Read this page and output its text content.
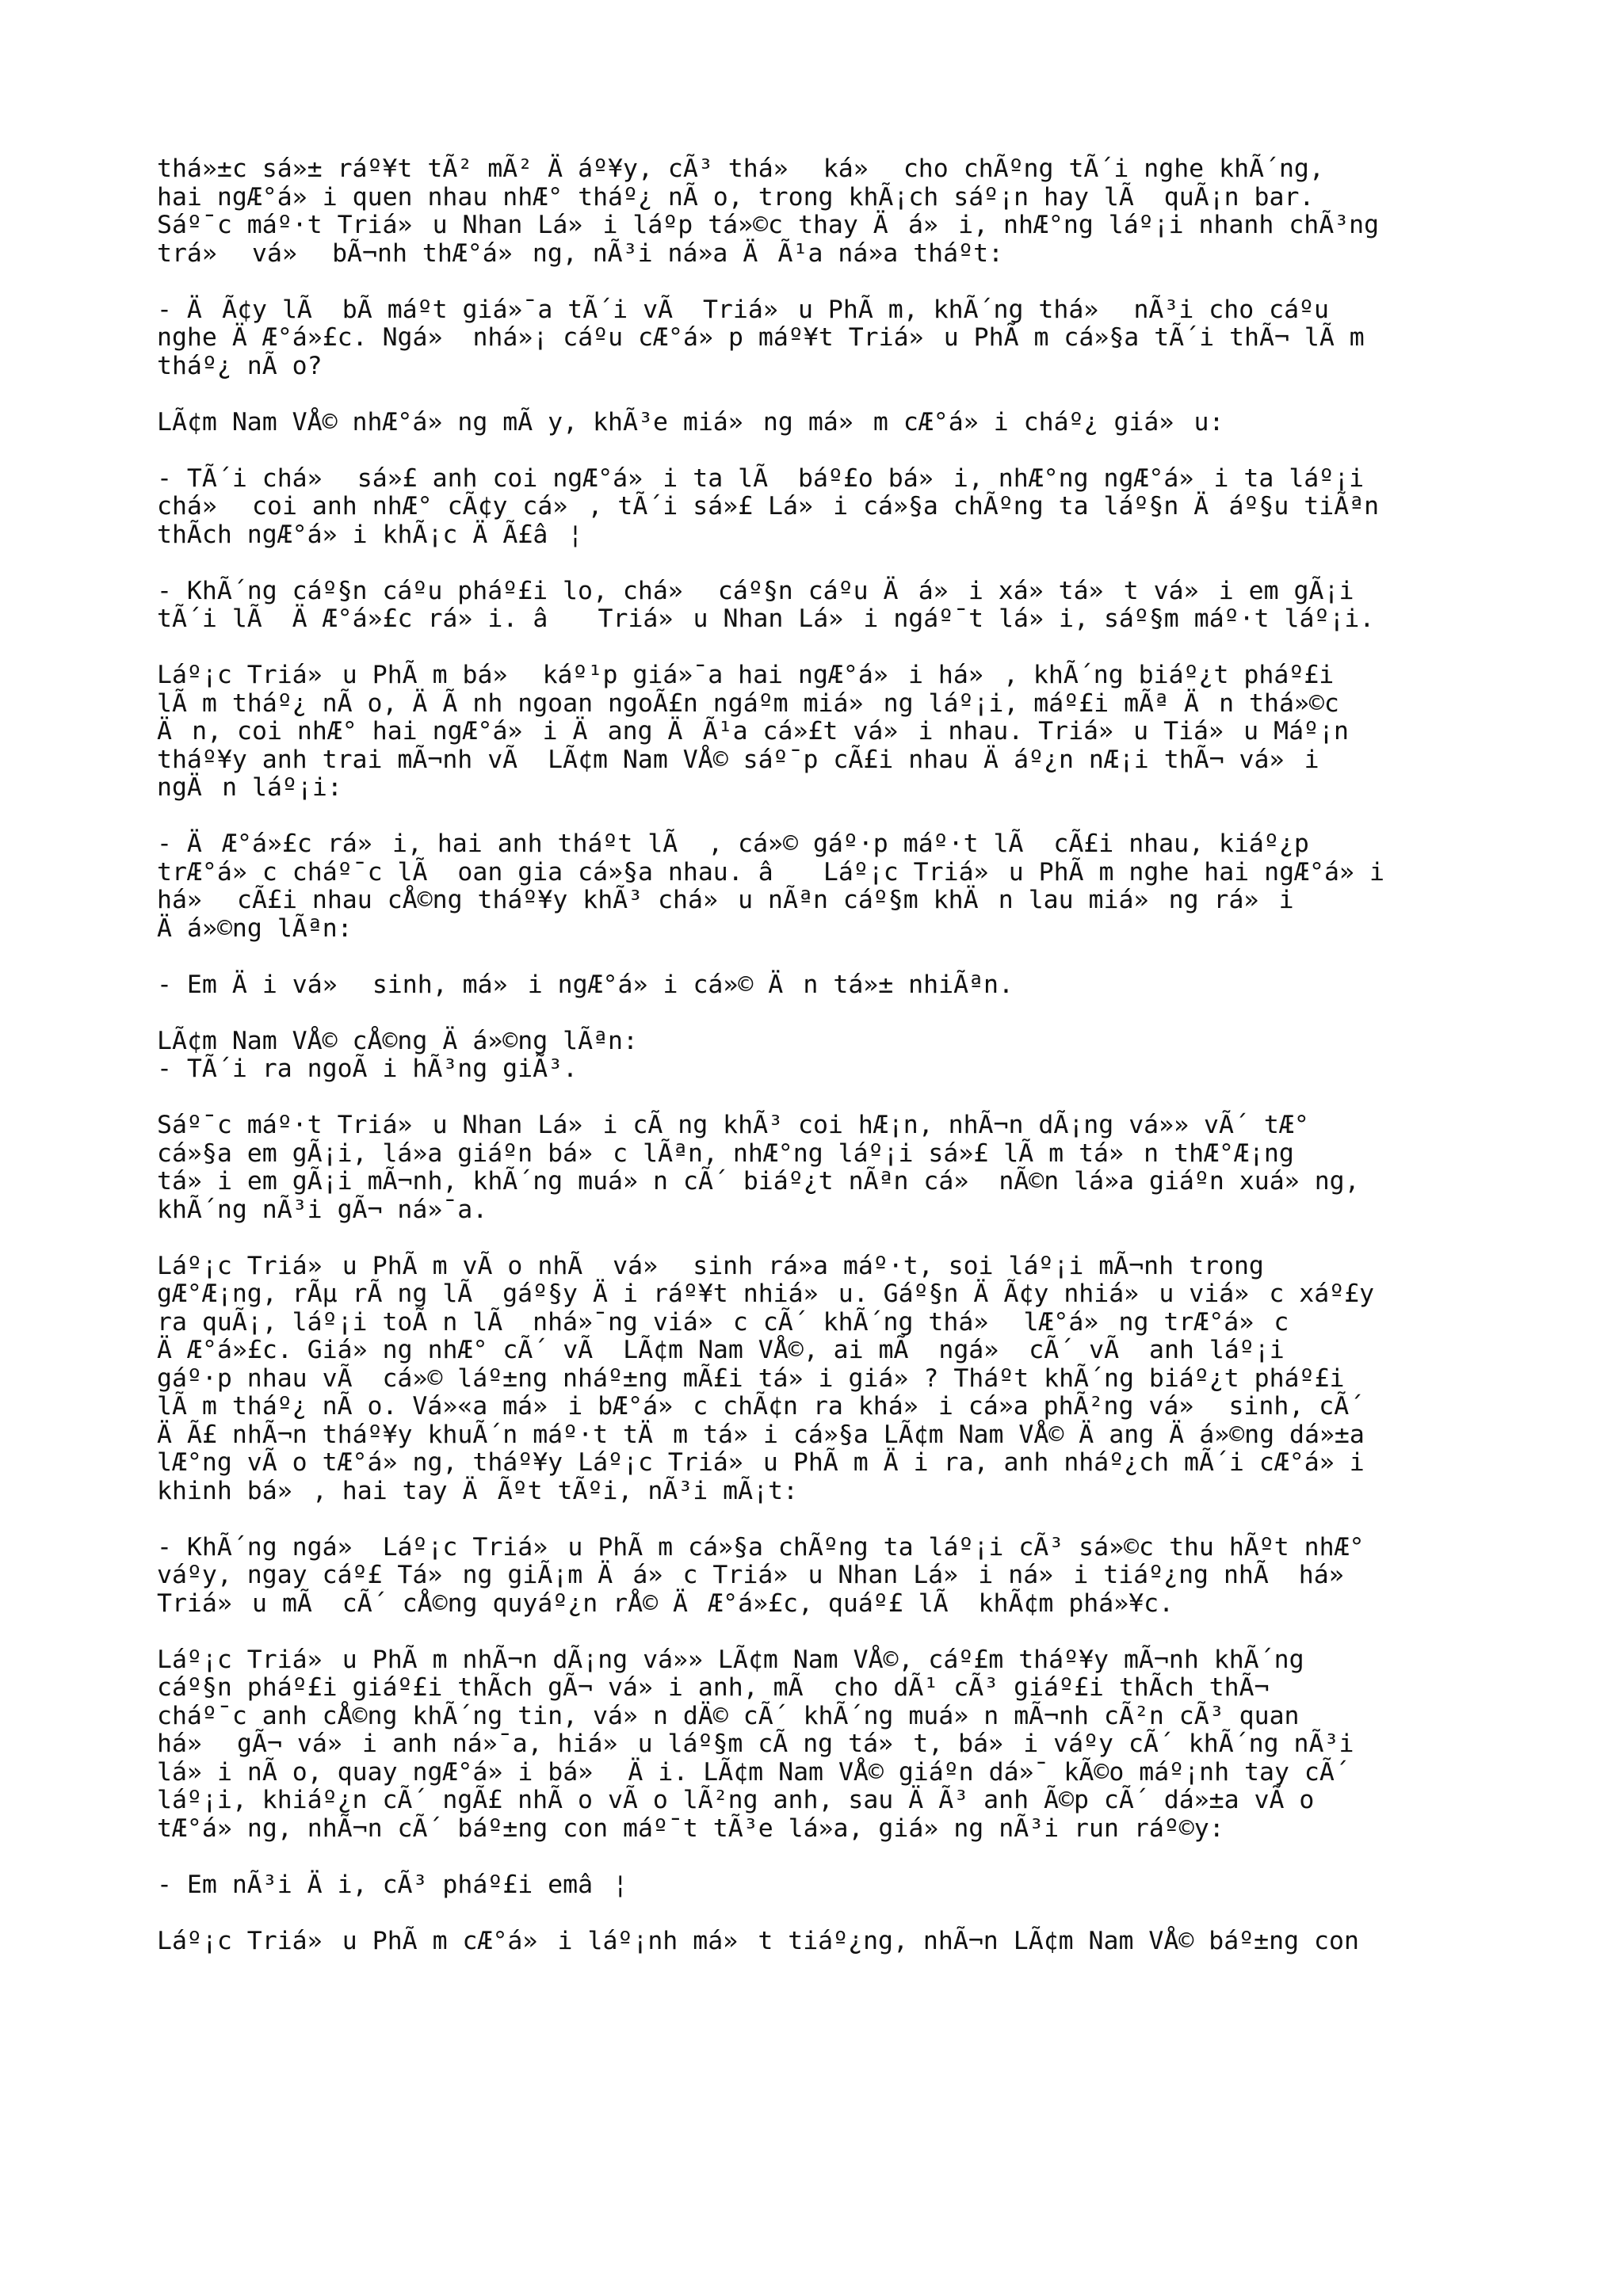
thá»±c sá»± ráº¥t tÃ² mÃ² Äáº¥y, cÃ³ thá» ká» cho chÃºng tÃ´i nghe khÃ´ng,
hai ngÆ°á»i quen nhau nhÆ° tháº¿ nÃ o, trong khÃ¡ch sáº¡n hay lÃ  quÃ¡n bar.
Sáº¯c máº·t Triá»u Nhan Lá»i láºp tá»©c thay Äá»i, nhÆ°ng láº¡i nhanh chÃ³ng
trá» vá» bÃ¬nh thÆ°á»ng, nÃ³i ná»a ÄÃ¹a ná»a tháºt:
- ÄÃ¢y lÃ  bÃ máºt giá»¯a tÃ´i vÃ  Triá»u PhÃ m, khÃ´ng thá» nÃ³i cho cáºu
nghe ÄÆ°á»£c. Ngá» nhá»¡ cáºu cÆ°á»p máº¥t Triá»u PhÃ m cá»§a tÃ´i thÃ¬ lÃ m
tháº¿ nÃ o?
LÃ¢m Nam VÅ© nhÆ°á»ng mÃ y, khÃ³e miá»ng má»m cÆ°á»i cháº¿ giá»u:
- TÃ´i chá» sá»£ anh coi ngÆ°á»i ta lÃ  báº£o bá»i, nhÆ°ng ngÆ°á»i ta láº¡i
chá» coi anh nhÆ° cÃ¢y cá», tÃ´i sá»£ Lá»i cá»§a chÃºng ta láº§n Äáº§u tiÃªn
thÃch ngÆ°á»i khÃ¡c ÄÃ£â¦
- KhÃ´ng cáº§n cáºu pháº£i lo, chá» cáº§n cáºu Äá»i xá» tá»t vá»i em gÃ¡i
tÃ´i lÃ  ÄÆ°á»£c rá»i. â Triá»u Nhan Lá»i ngáº¯t lá»i, sáº§m máº·t láº¡i.
Láº¡c Triá»u PhÃ m bá» káº¹p giá»¯a hai ngÆ°á»i há», khÃ´ng biáº¿t pháº£i
lÃ m tháº¿ nÃ o, ÄÃ nh ngoan ngoÃ£n ngáºm miá»ng láº¡i, máº£i mÃª Än thá»©c
Än, coi nhÆ° hai ngÆ°á»i Äang ÄÃ¹a cá»£t vá»i nhau. Triá»u Tiá»u Máº¡n
tháº¥y anh trai mÃ¬nh vÃ  LÃ¢m Nam VÅ© sáº¯p cÃ£i nhau Äáº¿n nÆ¡i thÃ¬ vá»i
ngÄn láº¡i:
- ÄÆ°á»£c rá»i, hai anh tháºt lÃ  , cá»© gáº·p máº·t lÃ  cÃ£i nhau, kiáº¿p
trÆ°á»c cháº¯c lÃ  oan gia cá»§a nhau. â Láº¡c Triá»u PhÃ m nghe hai ngÆ°á»i
há» cÃ£i nhau cÅ©ng tháº¥y khÃ³ chá»u nÃªn cáº§m khÄn lau miá»ng rá»i
Äá»©ng lÃªn:
- Em Äi vá» sinh, má»i ngÆ°á»i cá»© Än tá»± nhiÃªn.
LÃ¢m Nam VÅ© cÅ©ng Äá»©ng lÃªn:
- TÃ´i ra ngoÃ i hÃ³ng giÃ³.
Sáº¯c máº·t Triá»u Nhan Lá»i cÃ ng khÃ³ coi hÆ¡n, nhÃ¬n dÃ¡ng vá»» vÃ´ tÆ°
cá»§a em gÃ¡i, lá»a giáºn bá»c lÃªn, nhÆ°ng láº¡i sá»£ lÃ m tá»n thÆ°Æ¡ng
tá»i em gÃ¡i mÃ¬nh, khÃ´ng muá»n cÃ´ biáº¿t nÃªn cá» nÃ©n lá»a giáºn xuá»ng,
khÃ´ng nÃ³i gÃ¬ ná»¯a.
Láº¡c Triá»u PhÃ m vÃ o nhÃ  vá» sinh rá»a máº·t, soi láº¡i mÃ¬nh trong
gÆ°Æ¡ng, rÃµ rÃ ng lÃ  gáº§y Äi ráº¥t nhiá»u. Gáº§n ÄÃ¢y nhiá»u viá»c xáº£y
ra quÃ¡, láº¡i toÃ n lÃ  nhá»¯ng viá»c cÃ´ khÃ´ng thá» lÆ°á»ng trÆ°á»c
ÄÆ°á»£c. Giá»ng nhÆ° cÃ´ vÃ  LÃ¢m Nam VÅ©, ai mÃ  ngá» cÃ´ vÃ  anh láº¡i
gáº·p nhau vÃ  cá»© láº±ng nháº±ng mÃ£i tá»i giá»? Tháºt khÃ´ng biáº¿t pháº£i
lÃ m tháº¿ nÃ o. Vá»«a má»i bÆ°á»c chÃ¢n ra khá»i cá»a phÃ²ng vá» sinh, cÃ´
ÄÃ£ nhÃ¬n tháº¥y khuÃ´n máº·t tÄm tá»i cá»§a LÃ¢m Nam VÅ© Äang Äá»©ng dá»±a
lÆ°ng vÃ o tÆ°á»ng, tháº¥y Láº¡c Triá»u PhÃ m Äi ra, anh nháº¿ch mÃ´i cÆ°á»i
khinh bá», hai tay ÄÃºt tÃºi, nÃ³i mÃ¡t:
- KhÃ´ng ngá» Láº¡c Triá»u PhÃ m cá»§a chÃºng ta láº¡i cÃ³ sá»©c thu hÃºt nhÆ°
váºy, ngay cáº£ Tá»ng giÃ¡m Äá»c Triá»u Nhan Lá»i ná»i tiáº¿ng nhÃ  há»
Triá»u mÃ  cÃ´ cÅ©ng quyáº¿n rÅ© ÄÆ°á»£c, quáº£ lÃ  khÃ¢m phá»¥c.
Láº¡c Triá»u PhÃ m nhÃ¬n dÃ¡ng vá»» LÃ¢m Nam VÅ©, cáº£m tháº¥y mÃ¬nh khÃ´ng
cáº§n pháº£i giáº£i thÃch gÃ¬ vá»i anh, mÃ  cho dÃ¹ cÃ³ giáº£i thÃch thÃ¬
cháº¯c anh cÅ©ng khÃ´ng tin, vá»n dÄ© cÃ´ khÃ´ng muá»n mÃ¬nh cÃ²n cÃ³ quan
há» gÃ¬ vá»i anh ná»¯a, hiá»u láº§m cÃ ng tá»t, bá»i váºy cÃ´ khÃ´ng nÃ³i
lá»i nÃ o, quay ngÆ°á»i bá» Äi. LÃ¢m Nam VÅ© giáºn dá»¯ kÃ©o máº¡nh tay cÃ´
láº¡i, khiáº¿n cÃ´ ngÃ£ nhÃ o vÃ o lÃ²ng anh, sau ÄÃ³ anh Ã©p cÃ´ dá»±a vÃ o
tÆ°á»ng, nhÃ¬n cÃ´ báº±ng con máº¯t tÃ³e lá»a, giá»ng nÃ³i run ráº©y:
- Em nÃ³i Äi, cÃ³ pháº£i emâ¦
Láº¡c Triá»u PhÃ m cÆ°á»i láº¡nh má»t tiáº¿ng, nhÃ¬n LÃ¢m Nam VÅ© báº±ng con
